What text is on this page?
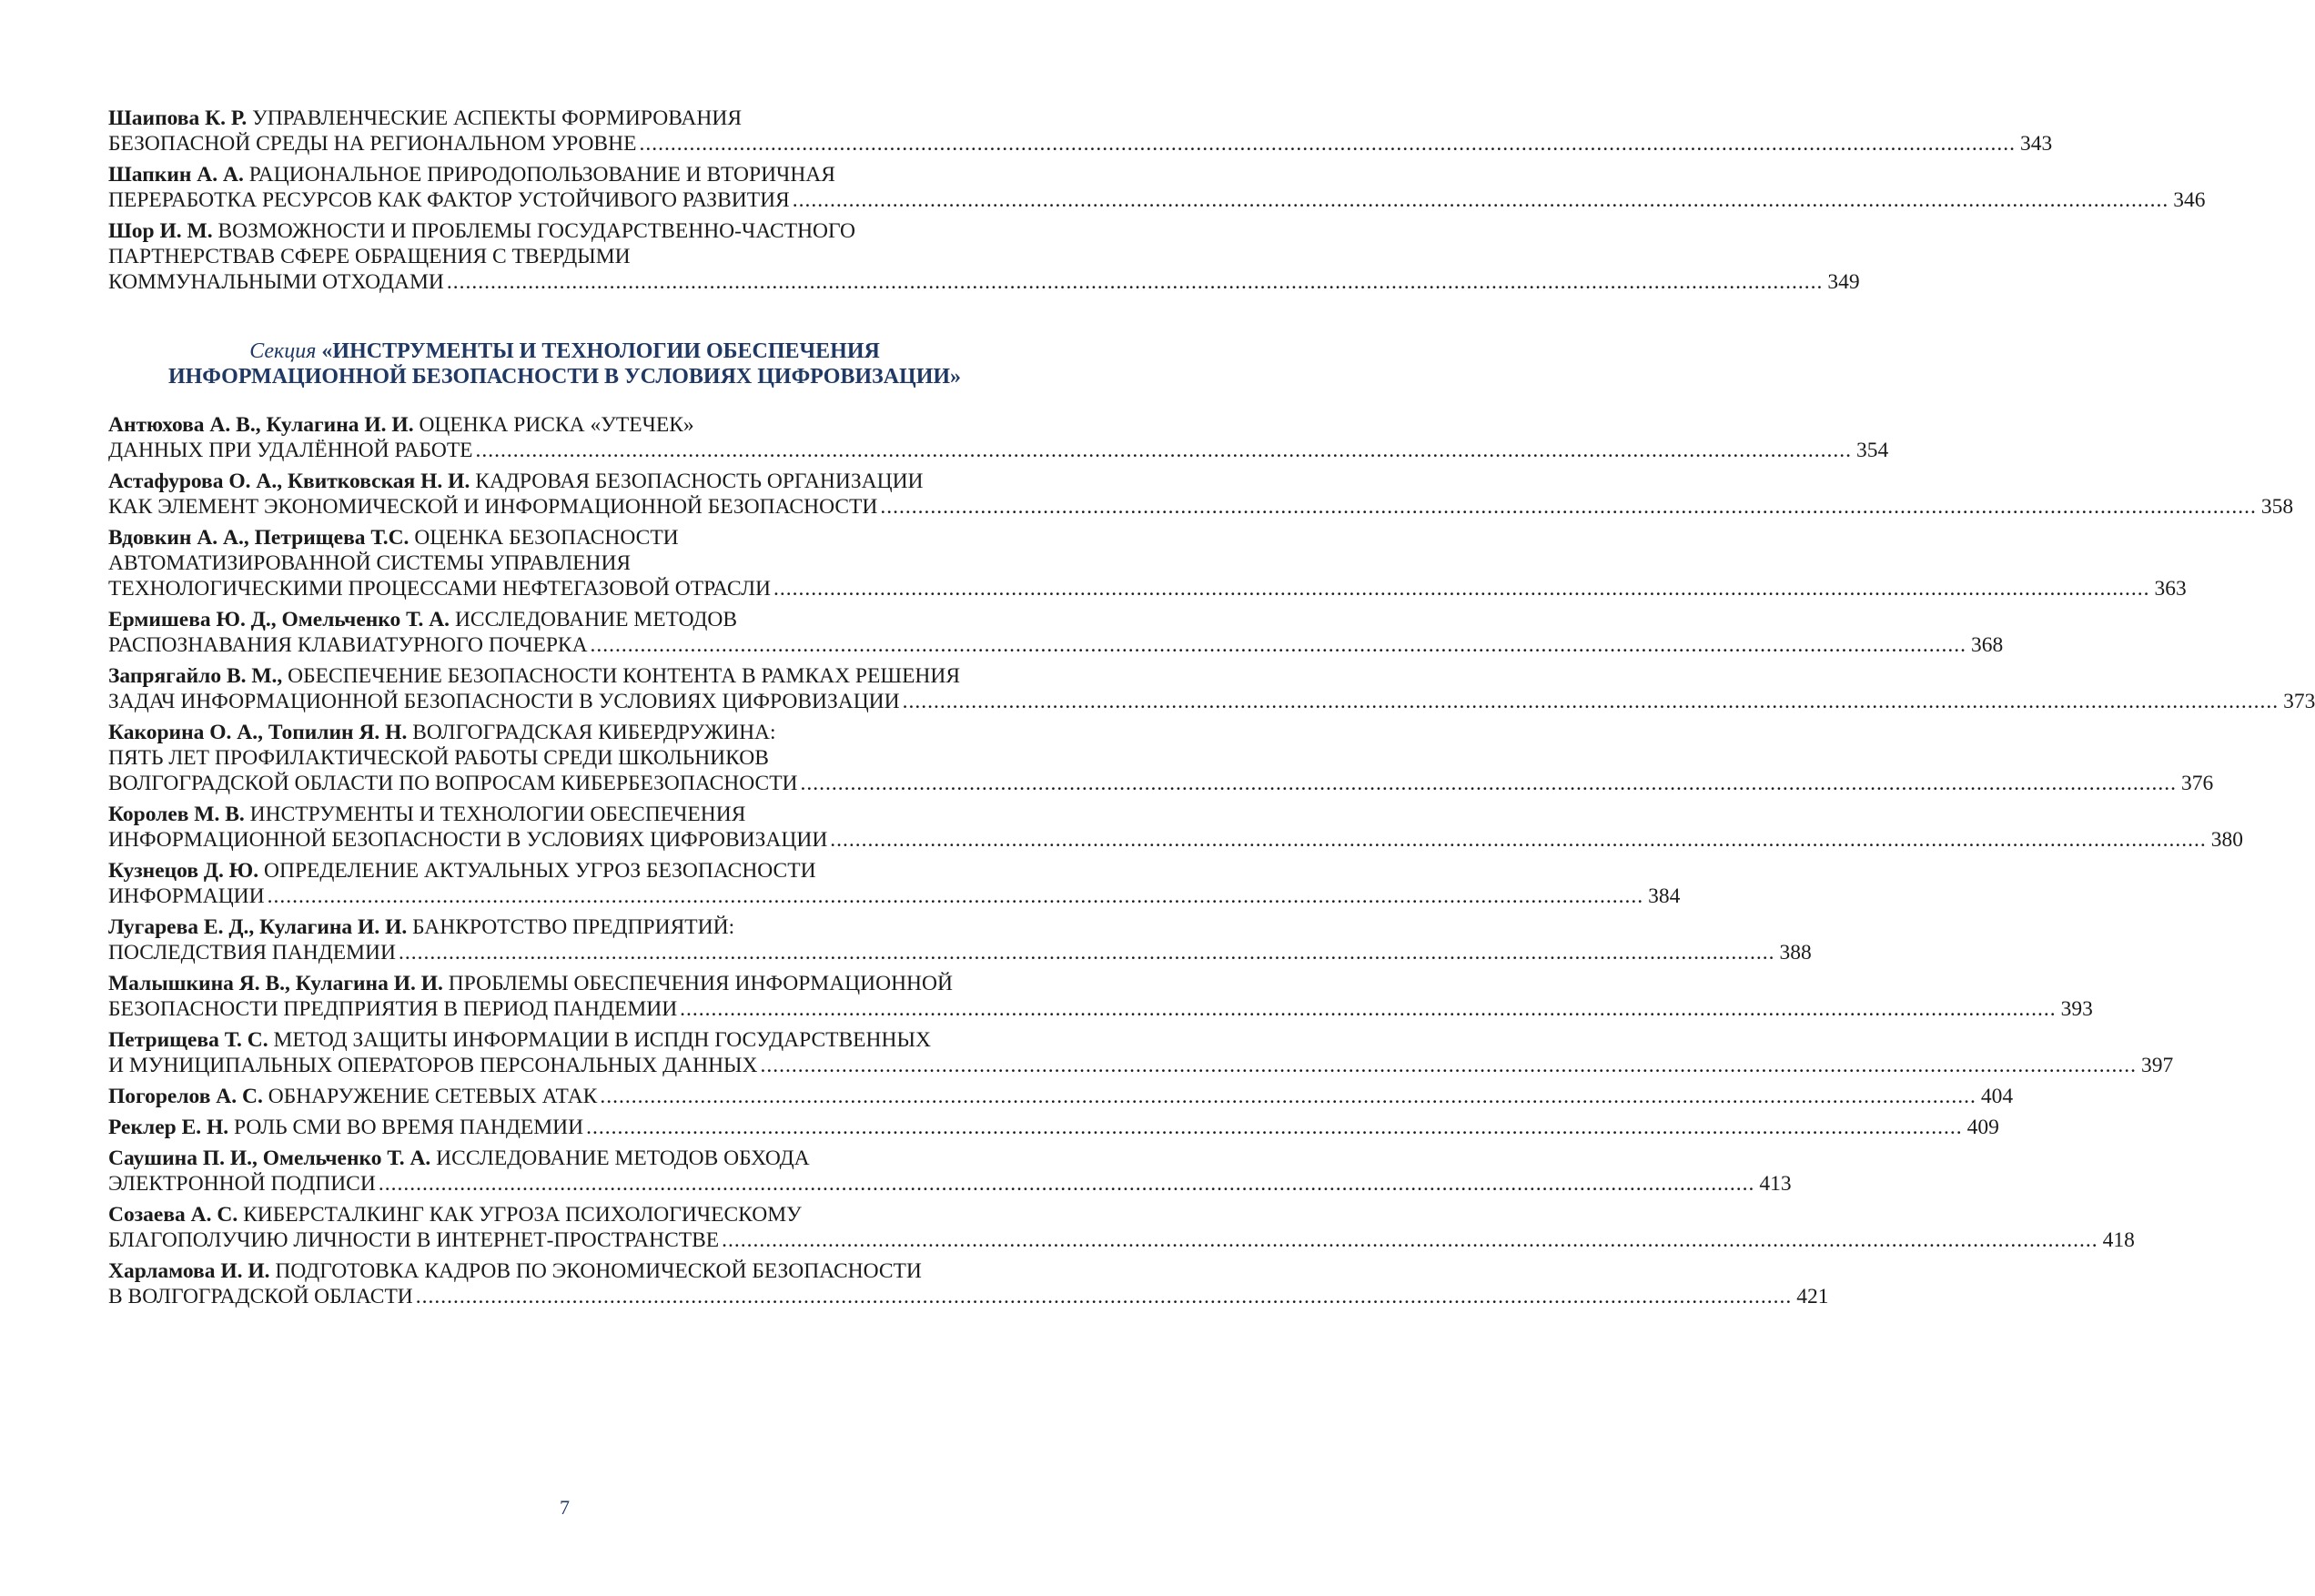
Шаипова К. Р. УПРАВЛЕНЧЕСКИЕ АСПЕКТЫ ФОРМИРОВАНИЯ
БЕЗОПАСНОЙ СРЕДЫ НА РЕГИОНАЛЬНОМ УРОВНЕ ............................................................................................................................................................................................................................ 343
Шапкин А. А. РАЦИОНАЛЬНОЕ ПРИРОДОПОЛЬЗОВАНИЕ И ВТОРИЧНАЯ
ПЕРЕРАБОТКА РЕСУРСОВ КАК ФАКТОР УСТОЙЧИВОГО РАЗВИТИЯ ............................................................................................................................................................................................................................ 346
Шор И. М. ВОЗМОЖНОСТИ И ПРОБЛЕМЫ ГОСУДАРСТВЕННО-ЧАСТНОГО
ПАРТНЕРСТВАВ СФЕРЕ ОБРАЩЕНИЯ С ТВЕРДЫМИ
КОММУНАЛЬНЫМИ ОТХОДАМИ ............................................................................................................................................................................................................................ 349
Секция «ИНСТРУМЕНТЫ И ТЕХНОЛОГИИ ОБЕСПЕЧЕНИЯ
ИНФОРМАЦИОННОЙ БЕЗОПАСНОСТИ В УСЛОВИЯХ ЦИФРОВИЗАЦИИ»
Антюхова А. В., Кулагина И. И. ОЦЕНКА РИСКА «УТЕЧЕК»
ДАННЫХ ПРИ УДАЛЁННОЙ РАБОТЕ ............................................................................................................................................................................................................................ 354
Астафурова О. А., Квитковская Н. И. КАДРОВАЯ БЕЗОПАСНОСТЬ ОРГАНИЗАЦИИ
КАК ЭЛЕМЕНТ ЭКОНОМИЧЕСКОЙ И ИНФОРМАЦИОННОЙ БЕЗОПАСНОСТИ ............................................................................................................................................................................................................................ 358
Вдовкин А. А., Петрищева Т.С. ОЦЕНКА БЕЗОПАСНОСТИ
АВТОМАТИЗИРОВАННОЙ СИСТЕМЫ УПРАВЛЕНИЯ
ТЕХНОЛОГИЧЕСКИМИ ПРОЦЕССАМИ НЕФТЕГАЗОВОЙ ОТРАСЛИ ............................................................................................................................................................................................................................ 363
Ермишева Ю. Д., Омельченко Т. А. ИССЛЕДОВАНИЕ МЕТОДОВ
РАСПОЗНАВАНИЯ КЛАВИАТУРНОГО ПОЧЕРКА ............................................................................................................................................................................................................................ 368
Запрягайло В. М., ОБЕСПЕЧЕНИЕ БЕЗОПАСНОСТИ КОНТЕНТА В РАМКАХ РЕШЕНИЯ
ЗАДАЧ ИНФОРМАЦИОННОЙ БЕЗОПАСНОСТИ В УСЛОВИЯХ ЦИФРОВИЗАЦИИ ............................................................................................................................................................................................................................ 373
Какорина О. А., Топилин Я. Н. ВОЛГОГРАДСКАЯ КИБЕРДРУЖИНА:
ПЯТЬ ЛЕТ ПРОФИЛАКТИЧЕСКОЙ РАБОТЫ СРЕДИ ШКОЛЬНИКОВ
ВОЛГОГРАДСКОЙ ОБЛАСТИ ПО ВОПРОСАМ КИБЕРБЕЗОПАСНОСТИ ............................................................................................................................................................................................................................ 376
Королев М. В. ИНСТРУМЕНТЫ И ТЕХНОЛОГИИ ОБЕСПЕЧЕНИЯ
ИНФОРМАЦИОННОЙ БЕЗОПАСНОСТИ В УСЛОВИЯХ ЦИФРОВИЗАЦИИ ............................................................................................................................................................................................................................ 380
Кузнецов Д. Ю. ОПРЕДЕЛЕНИЕ АКТУАЛЬНЫХ УГРОЗ БЕЗОПАСНОСТИ
ИНФОРМАЦИИ ............................................................................................................................................................................................................................ 384
Лугарева Е. Д., Кулагина И. И. БАНКРОТСТВО ПРЕДПРИЯТИЙ:
ПОСЛЕДСТВИЯ ПАНДЕМИИ ............................................................................................................................................................................................................................ 388
Малышкина Я. В., Кулагина И. И. ПРОБЛЕМЫ ОБЕСПЕЧЕНИЯ ИНФОРМАЦИОННОЙ
БЕЗОПАСНОСТИ ПРЕДПРИЯТИЯ В ПЕРИОД ПАНДЕМИИ ............................................................................................................................................................................................................................ 393
Петрищева Т. С. МЕТОД ЗАЩИТЫ ИНФОРМАЦИИ В ИСПДН ГОСУДАРСТВЕННЫХ
И МУНИЦИПАЛЬНЫХ ОПЕРАТОРОВ ПЕРСОНАЛЬНЫХ ДАННЫХ ............................................................................................................................................................................................................................ 397
Погорелов А. С. ОБНАРУЖЕНИЕ СЕТЕВЫХ АТАК ............................................................................................................................................................................................................................ 404
Реклер Е. Н. РОЛЬ СМИ ВО ВРЕМЯ ПАНДЕМИИ ............................................................................................................................................................................................................................ 409
Саушина П. И., Омельченко Т. А. ИССЛЕДОВАНИЕ МЕТОДОВ ОБХОДА
ЭЛЕКТРОННОЙ ПОДПИСИ ............................................................................................................................................................................................................................ 413
Созаева А. С. КИБЕРСТАЛКИНГ КАК УГРОЗА ПСИХОЛОГИЧЕСКОМУ
БЛАГОПОЛУЧИЮ ЛИЧНОСТИ В ИНТЕРНЕТ-ПРОСТРАНСТВЕ ............................................................................................................................................................................................................................ 418
Харламова И. И. ПОДГОТОВКА КАДРОВ ПО ЭКОНОМИЧЕСКОЙ БЕЗОПАСНОСТИ
В ВОЛГОГРАДСКОЙ ОБЛАСТИ ............................................................................................................................................................................................................................ 421
7
